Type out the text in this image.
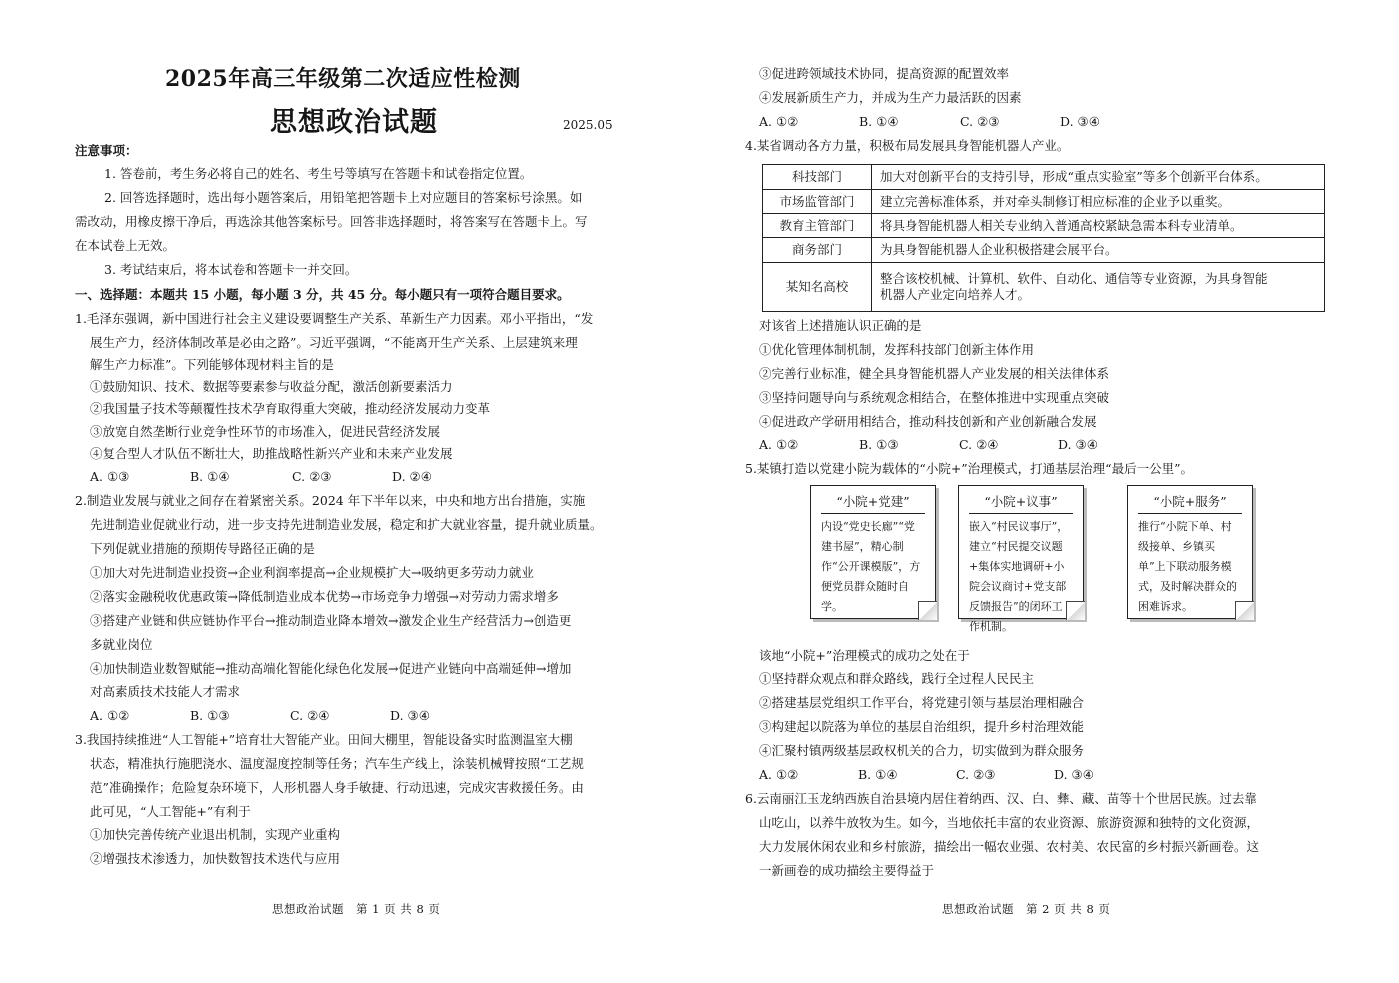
2025年高三年级第二次适应性检测
思想政治试题	2025.05
注意事项：
1. 答卷前，考生务必将自己的姓名、考生号等填写在答题卡和试卷指定位置。
2. 回答选择题时，选出每小题答案后，用铅笔把答题卡上对应题目的答案标号涂黑。如
需改动，用橡皮擦干净后，再选涂其他答案标号。回答非选择题时，将答案写在答题卡上。写
在本试卷上无效。
3. 考试结束后，将本试卷和答题卡一并交回。
一、选择题：本题共 15 小题，每小题 3 分，共 45 分。每小题只有一项符合题目要求。
1.毛泽东强调，新中国进行社会主义建设要调整生产关系、革新生产力因素。邓小平指出，“发
展生产力，经济体制改革是必由之路”。习近平强调，“不能离开生产关系、上层建筑来理
解生产力标准”。下列能够体现材料主旨的是
①鼓励知识、技术、数据等要素参与收益分配，激活创新要素活力
②我国量子技术等颠覆性技术孕育取得重大突破，推动经济发展动力变革
③放宽自然垄断行业竞争性环节的市场准入，促进民营经济发展
④复合型人才队伍不断壮大，助推战略性新兴产业和未来产业发展
A. ①③	B. ①④	C. ②③	D. ②④
2.制造业发展与就业之间存在着紧密关系。2024 年下半年以来，中央和地方出台措施，实施
先进制造业促就业行动，进一步支持先进制造业发展，稳定和扩大就业容量，提升就业质量。
下列促就业措施的预期传导路径正确的是
①加大对先进制造业投资→企业利润率提高→企业规模扩大→吸纳更多劳动力就业
②落实金融税收优惠政策→降低制造业成本优势→市场竞争力增强→对劳动力需求增多
③搭建产业链和供应链协作平台→推动制造业降本增效→激发企业生产经营活力→创造更
多就业岗位
④加快制造业数智赋能→推动高端化智能化绿色化发展→促进产业链向中高端延伸→增加
对高素质技术技能人才需求
A. ①②	B. ①③	C. ②④	D. ③④
3.我国持续推进“人工智能+”培育壮大智能产业。田间大棚里，智能设备实时监测温室大棚
状态，精准执行施肥浇水、温度湿度控制等任务；汽车生产线上，涂装机械臂按照“工艺规
范”准确操作；危险复杂环境下，人形机器人身手敏捷、行动迅速，完成灾害救援任务。由
此可见，“人工智能+”有利于
①加快完善传统产业退出机制，实现产业重构
②增强技术渗透力，加快数智技术迭代与应用
思想政治试题　第 1 页 共 8 页
③促进跨领域技术协同，提高资源的配置效率
④发展新质生产力，并成为生产力最活跃的因素
A. ①②	B. ①④	C. ②③	D. ③④
4.某省调动各方力量，积极布局发展具身智能机器人产业。
科技部门	加大对创新平台的支持引导，形成“重点实验室”等多个创新平台体系。
市场监管部门	建立完善标准体系，并对牵头制修订相应标准的企业予以重奖。
教育主管部门	将具身智能机器人相关专业纳入普通高校紧缺急需本科专业清单。
商务部门	为具身智能机器人企业积极搭建会展平台。
某知名高校	整合该校机械、计算机、软件、自动化、通信等专业资源，为具身智能
机器人产业定向培养人才。
对该省上述措施认识正确的是
①优化管理体制机制，发挥科技部门创新主体作用
②完善行业标准，健全具身智能机器人产业发展的相关法律体系
③坚持问题导向与系统观念相结合，在整体推进中实现重点突破
④促进政产学研用相结合，推动科技创新和产业创新融合发展
A. ①②	B. ①③	C. ②④	D. ③④
5.某镇打造以党建小院为载体的“小院+”治理模式，打通基层治理“最后一公里”。
“小院+党建”
内设“党史长廊”“党建书屋”，精心制作“公开课模版”，方便党员群众随时自学。
“小院+议事”
嵌入“村民议事厅”，建立“村民提交议题+集体实地调研+小院会议商讨+党支部反馈报告”的闭环工作机制。
“小院+服务”
推行“小院下单、村级接单、乡镇买单”上下联动服务模式，及时解决群众的困难诉求。
该地“小院+”治理模式的成功之处在于
①坚持群众观点和群众路线，践行全过程人民民主
②搭建基层党组织工作平台，将党建引领与基层治理相融合
③构建起以院落为单位的基层自治组织，提升乡村治理效能
④汇聚村镇两级基层政权机关的合力，切实做到为群众服务
A. ①②	B. ①④	C. ②③	D. ③④
6.云南丽江玉龙纳西族自治县境内居住着纳西、汉、白、彝、藏、苗等十个世居民族。过去靠
山吃山，以养牛放牧为生。如今，当地依托丰富的农业资源、旅游资源和独特的文化资源，
大力发展休闲农业和乡村旅游，描绘出一幅农业强、农村美、农民富的乡村振兴新画卷。这
一新画卷的成功描绘主要得益于
思想政治试题　第 2 页 共 8 页
